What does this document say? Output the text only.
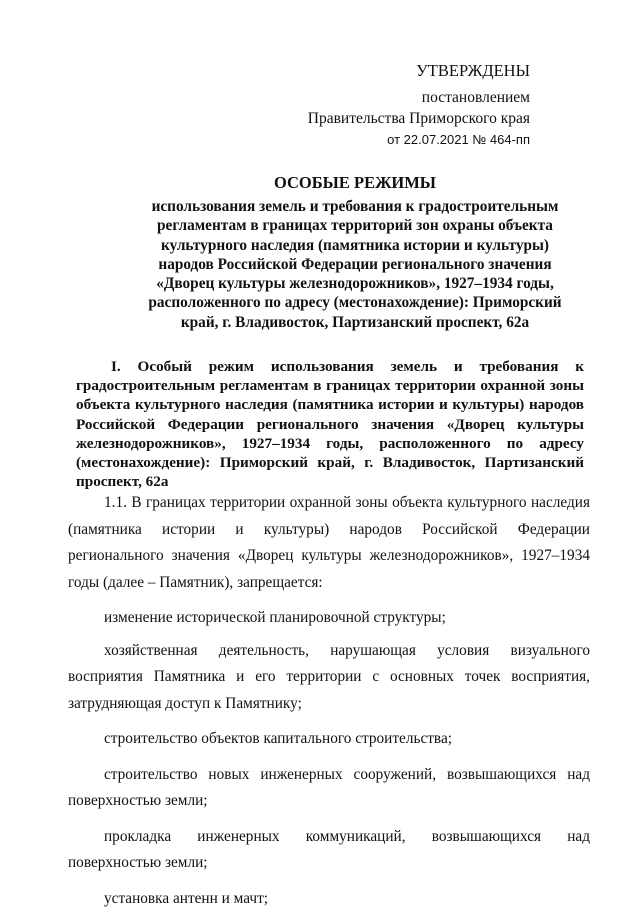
УТВЕРЖДЕНЫ
постановлением
Правительства Приморского края
от 22.07.2021 № 464-пп
ОСОБЫЕ РЕЖИМЫ
использования земель и требования к градостроительным
регламентам в границах территорий зон охраны объекта
культурного наследия (памятника истории и культуры)
народов Российской Федерации регионального значения
«Дворец культуры железнодорожников», 1927–1934 годы,
расположенного по адресу (местонахождение): Приморский
край, г. Владивосток, Партизанский проспект, 62а
I. Особый режим использования земель и требования к градостроительным регламентам в границах территории охранной зоны объекта культурного наследия (памятника истории и культуры) народов Российской Федерации регионального значения «Дворец культуры железнодорожников», 1927–1934 годы, расположенного по адресу (местонахождение): Приморский край, г. Владивосток, Партизанский проспект, 62а
1.1. В границах территории охранной зоны объекта культурного наследия (памятника истории и культуры) народов Российской Федерации регионального значения «Дворец культуры железнодорожников», 1927–1934 годы (далее – Памятник), запрещается:
изменение исторической планировочной структуры;
хозяйственная деятельность, нарушающая условия визуального восприятия Памятника и его территории с основных точек восприятия, затрудняющая доступ к Памятнику;
строительство объектов капитального строительства;
строительство новых инженерных сооружений, возвышающихся над поверхностью земли;
прокладка инженерных коммуникаций, возвышающихся над поверхностью земли;
установка антенн и мачт;
